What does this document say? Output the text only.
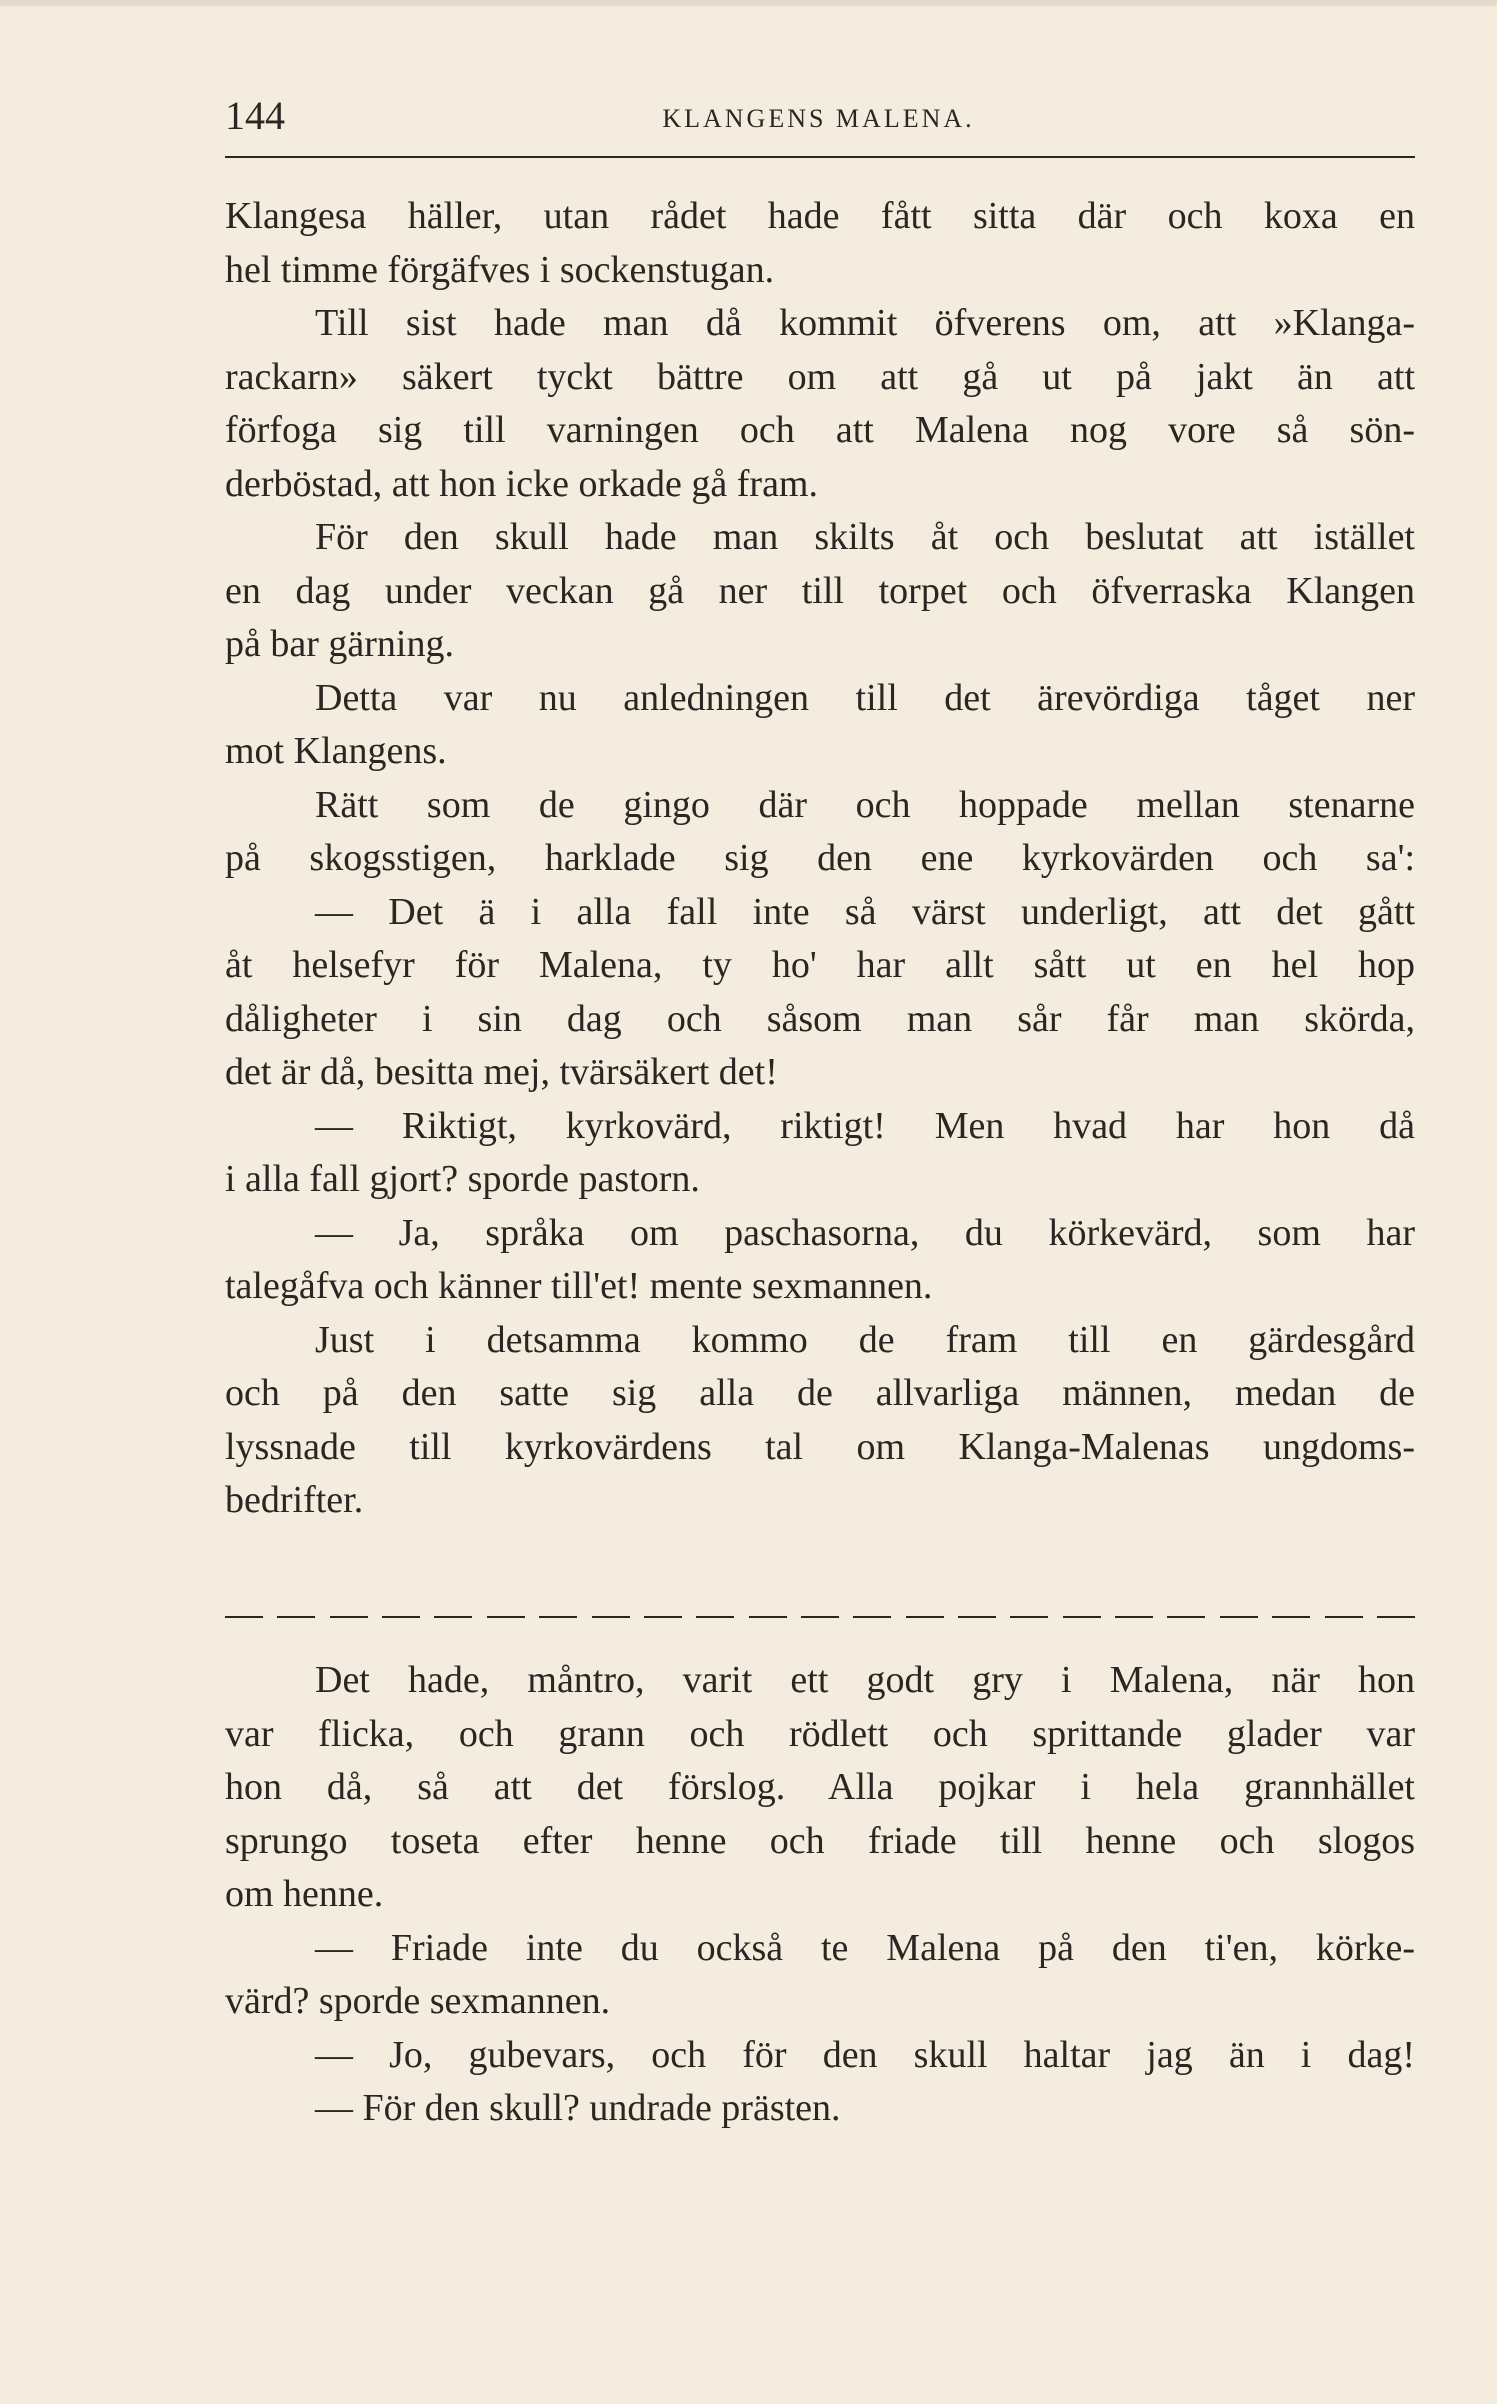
144	KLANGENS MALENA.
Klangesa häller, utan rådet hade fått sitta där och koxa en
hel timme förgäfves i sockenstugan.
Till sist hade man då kommit öfverens om, att »Klanga-
rackarn» säkert tyckt bättre om att gå ut på jakt än att
förfoga sig till varningen och att Malena nog vore så sön-
derböstad, att hon icke orkade gå fram.
För den skull hade man skilts åt och beslutat att istället
en dag under veckan gå ner till torpet och öfverraska Klangen
på bar gärning.
Detta var nu anledningen till det ärevördiga tåget ner
mot Klangens.
Rätt som de gingo där och hoppade mellan stenarne
på skogsstigen, harklade sig den ene kyrkovärden och sa':
— Det ä i alla fall inte så värst underligt, att det gått
åt helsefyr för Malena, ty ho' har allt sått ut en hel hop
dåligheter i sin dag och såsom man sår får man skörda,
det är då, besitta mej, tvärsäkert det!
— Riktigt, kyrkovärd, riktigt! Men hvad har hon då
i alla fall gjort? sporde pastorn.
— Ja, språka om paschasorna, du körkevärd, som har
talegåfva och känner till'et! mente sexmannen.
Just i detsamma kommo de fram till en gärdesgård
och på den satte sig alla de allvarliga männen, medan de
lyssnade till kyrkovärdens tal om Klanga-Malenas ungdoms-
bedrifter.
Det hade, måntro, varit ett godt gry i Malena, när hon
var flicka, och grann och rödlett och sprittande glader var
hon då, så att det förslog. Alla pojkar i hela grannhället
sprungo toseta efter henne och friade till henne och slogos
om henne.
— Friade inte du också te Malena på den ti'en, körke-
värd? sporde sexmannen.
— Jo, gubevars, och för den skull haltar jag än i dag!
— För den skull? undrade prästen.
